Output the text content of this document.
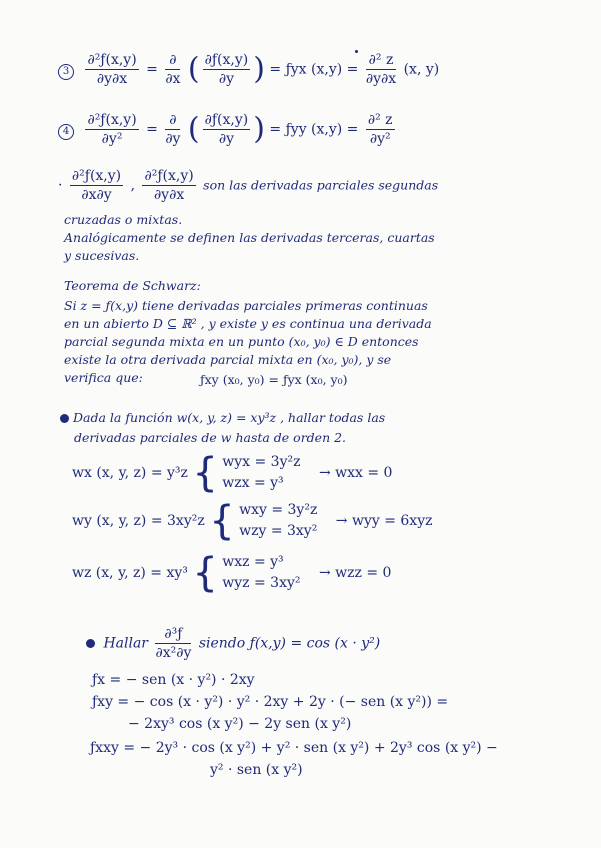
$3 \frac{\text{∂²ƒ(x,y)}}{\partial y\partial x} = \frac{\partial}{\partial x}$ ( $\frac{\partial ƒ(x,y)}{\partial y}$ ) = ƒyx $(x,y) = \frac{\text{∂² z}}{\partial y\partial x} (x$, y)
$4 \frac{\text{∂²ƒ(x,y)}}{\text{∂y²}} = \frac{\partial}{\partial y}$ ( $\frac{\partial ƒ(x,y)}{\partial y}$ ) = ƒyy $(x,y) = \frac{\text{∂² z}}{\text{∂y²}}$
· $\frac{\text{∂²ƒ(x,y)}}{\partial x\partial y}$ , $\frac{\text{∂²ƒ(x,y)}}{\partial y\partial x}$ son las derivadas parciales segundas
cruzadas o mixtas.
Analógicamente se definen las derivadas terceras, cuartas
y sucesivas.
Teorema de Schwarz:
Si z = ƒ(x,y) tiene derivadas parciales primeras continuas
en un abierto D ⊆ ℝ² , y existe y es continua una derivada
parcial segunda mixta en un punto (x₀, y₀) ∈ D entonces
existe la otra derivada parcial mixta en (x₀, y₀), y se
verifica que:	ƒxy (x₀, y₀) = ƒyx (x₀, y₀)
Dada la función w(x, y, z) = xy³z , hallar todas las
derivadas parciales de w hasta de orden 2.
wx (x, y, z) = y³z { wyx = 3y²z
wzx = y³ → wxx = 0
wy (x, y, z) = 3xy²z { wxy = 3y²z
wzy = 3xy² → wyy = 6xyz
wz (x, y, z) = xy³ { wxz = y³
wyz = 3xy² → wzz = 0
Hallar $\frac{\text{∂³ƒ}}{\text{∂x²∂y}}$ siendo ƒ(x,y) = cos (x · y²)
ƒx = − sen (x · y²) · 2xy
ƒxy = − cos (x · y²) · y² · 2xy + 2y · (− sen (x y²)) =
− 2xy³ cos (x y²) − 2y sen (x y²)
ƒxxy = − 2y³ · cos (x y²) + y² · sen (x y²) + 2y³ cos (x y²) −
y² · sen (x y²)
